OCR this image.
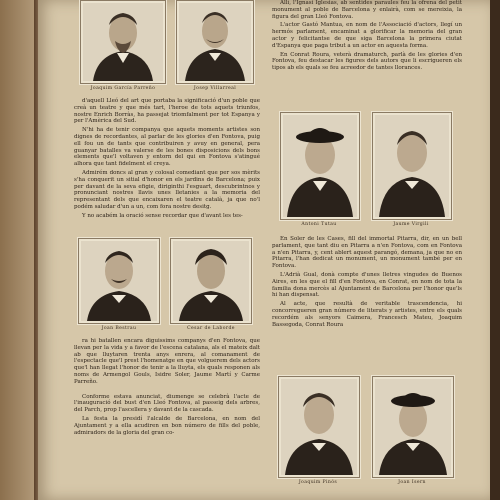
Joaquim García Parreño	Josep Villarreal

d'aquell Lleó del art que portaba la significació d'un poble que creà un teatre y que més tart, l'heroe de tots aquets triunfos, nostre Enrich Borràs, ha passejat triomfalment per tot Espanya y per l'Amèrica del Sud.

N'hi ha de tenir companya que aquets moments artistes son dignes de recordantes, al parlar de les glories d'en Fontova, puig ell fou un de tants que contribuiren y avuy en general, pera guanyar batalles va valerse de les bones disposicions dels bons elements que'l voltaven y entorn del qui en Fontova s'atingué alhora que tant fidelment el creya.

Admirém doncs al gran y colosal comediant que per sos mèrits s'ha conquerit un sitial d'honor en els jardins de Barcelona; puix per davant de la seva efigie, diriginthi l'esguart, descubrintnos y pronunciant nostres llavis unes lletanies a la memoria del representant dels que encaixaren el teatre català, ja que no'l podém saludar d'un a un, com fora nostre desitg.

Y no acabém la oració sense recordar que d'avant les tes-

Joan Bestrau	Cesar de Laborde

ra hi batallen encara diguissims companys d'en Fontova, que llevan per la vida y a favor de l'escena catalana, als el mateix dalt ab que lluytaren trenta anys enrera, al comanament de l'espectacle que'l prest l'homenatge en que volguerem dels actors que'l han llegat l'honor de tenir a la lluyta, els quals responen als noms de Armengol Gouls, Isidre Soler, Jaume Martí y Carme Parreño.

Conforme estava anunciat, diumenge se celebrà l'acte de l'inauguració del bust d'en Lleó Fontova, al passeig dels arbres, del Parch, prop l'ascellera y davant de la cascada.

La festa la presidí l'alcalde de Barcelona, en nom del Ajuntament y a ella acudiren en bon número de fills del poble, admiradors de la gloria del gran co-

Allí, l'Ignasi Iglesias, ab sentides paraules feu la ofrena del petit monument al poble de Barcelona y enlairà, com se mereixia, la figura del gran Lleó Fontova.

L'actor Gastó Mantua, en nom de l'Associació d'actors, llegí un hermós parlament, encaminat a glorificar la memoria del gran actor y felicitantse de que siga Barcelona la primera ciutat d'Espanya que paga tribut a un actor en aquesta forma.

En Conrat Roura, veterà dramaturch, parlà de les glories d'en Fontova, feu destacar les figures dels autors que li escrigueren els tipos ab els quals se feu acreedor de tantes llorances.

Antoni Tutau	Jaume Virgili

En Soler de les Cases, fill del immortal Pitarra, dir, en un bell parlament, que tant diu en Pitarra a n'en Fontova, com en Fontova a n'en Pitarra, y, cent ablert aquest parangó, demana, ja que no en Pitarra, l'han dedicat un monument, un monument també per en Fontova.

L'Adrià Gual, donà compte d'unes lletres vingudes de Buenos Aires, en les que el fill d'en Fontova, en Conrat, en nom de tota la familia dona mercès al Ajuntament de Barcelona per l'honor que'ls hi han dispensat.

Al acte, que resultà de veritable trascendencia, hi concorregueren gran número de literats y artistes, entre els quals recordém als senyors Caimera, Francesch Mateu, Joaquim Bassegoda, Conrat Roura

Joaquim Pinós	Joan Isern
